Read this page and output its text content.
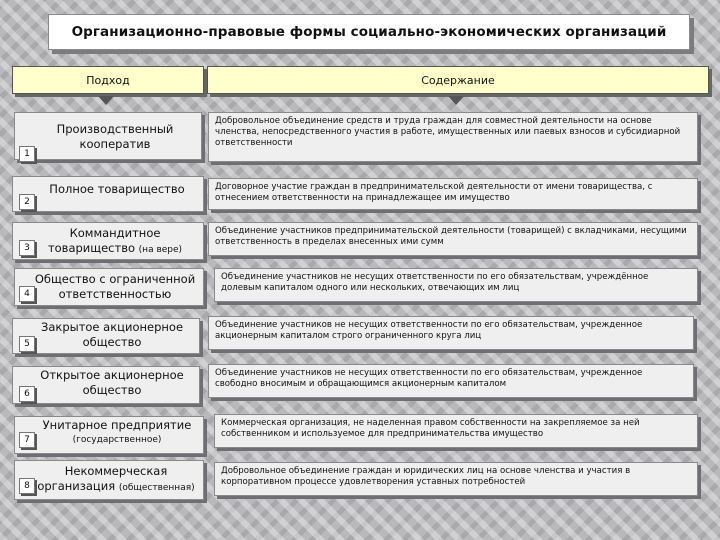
Организационно-правовые формы социально-экономических организаций
Подход	Содержание
Производственный
кооператив
1
Добровольное объединение средств и труда граждан для совместной деятельности на основе членства, непосредственного участия в работе, имущественных или паевых взносов и субсидиарной ответственности
Полное товарищество
2
Договорное участие граждан в предпринимательской деятельности от имени товарищества, с отнесением ответственности на принадлежащее им имущество
Коммандитное
товарищество (на вере)
3
Объединение участников предпринимательской деятельности (товарищей) с вкладчиками, несущими ответственность в пределах внесенных ими сумм
Общество с ограниченной
ответственностью
4
Объединение участников не несущих ответственности по его обязательствам, учреждённое долевым капиталом одного или нескольких, отвечающих им лиц
Закрытое акционерное
общество
5
Объединение участников не несущих ответственности по его обязательствам, учрежденное акционерным капиталом строго ограниченного круга лиц
Открытое акционерное
общество
6
Объединение участников не несущих ответственности по его обязательствам, учрежденное свободно вносимым и обращающимся акционерным капиталом
Унитарное предприятие
(государственное)
7
Коммерческая организация, не наделенная правом собственности на закрепляемое за ней собственником и используемое для предпринимательства имущество
Некоммерческая
организация (общественная)
8
Добровольное объединение граждан и юридических лиц на основе членства и участия в корпоративном процессе удовлетворения уставных потребностей
